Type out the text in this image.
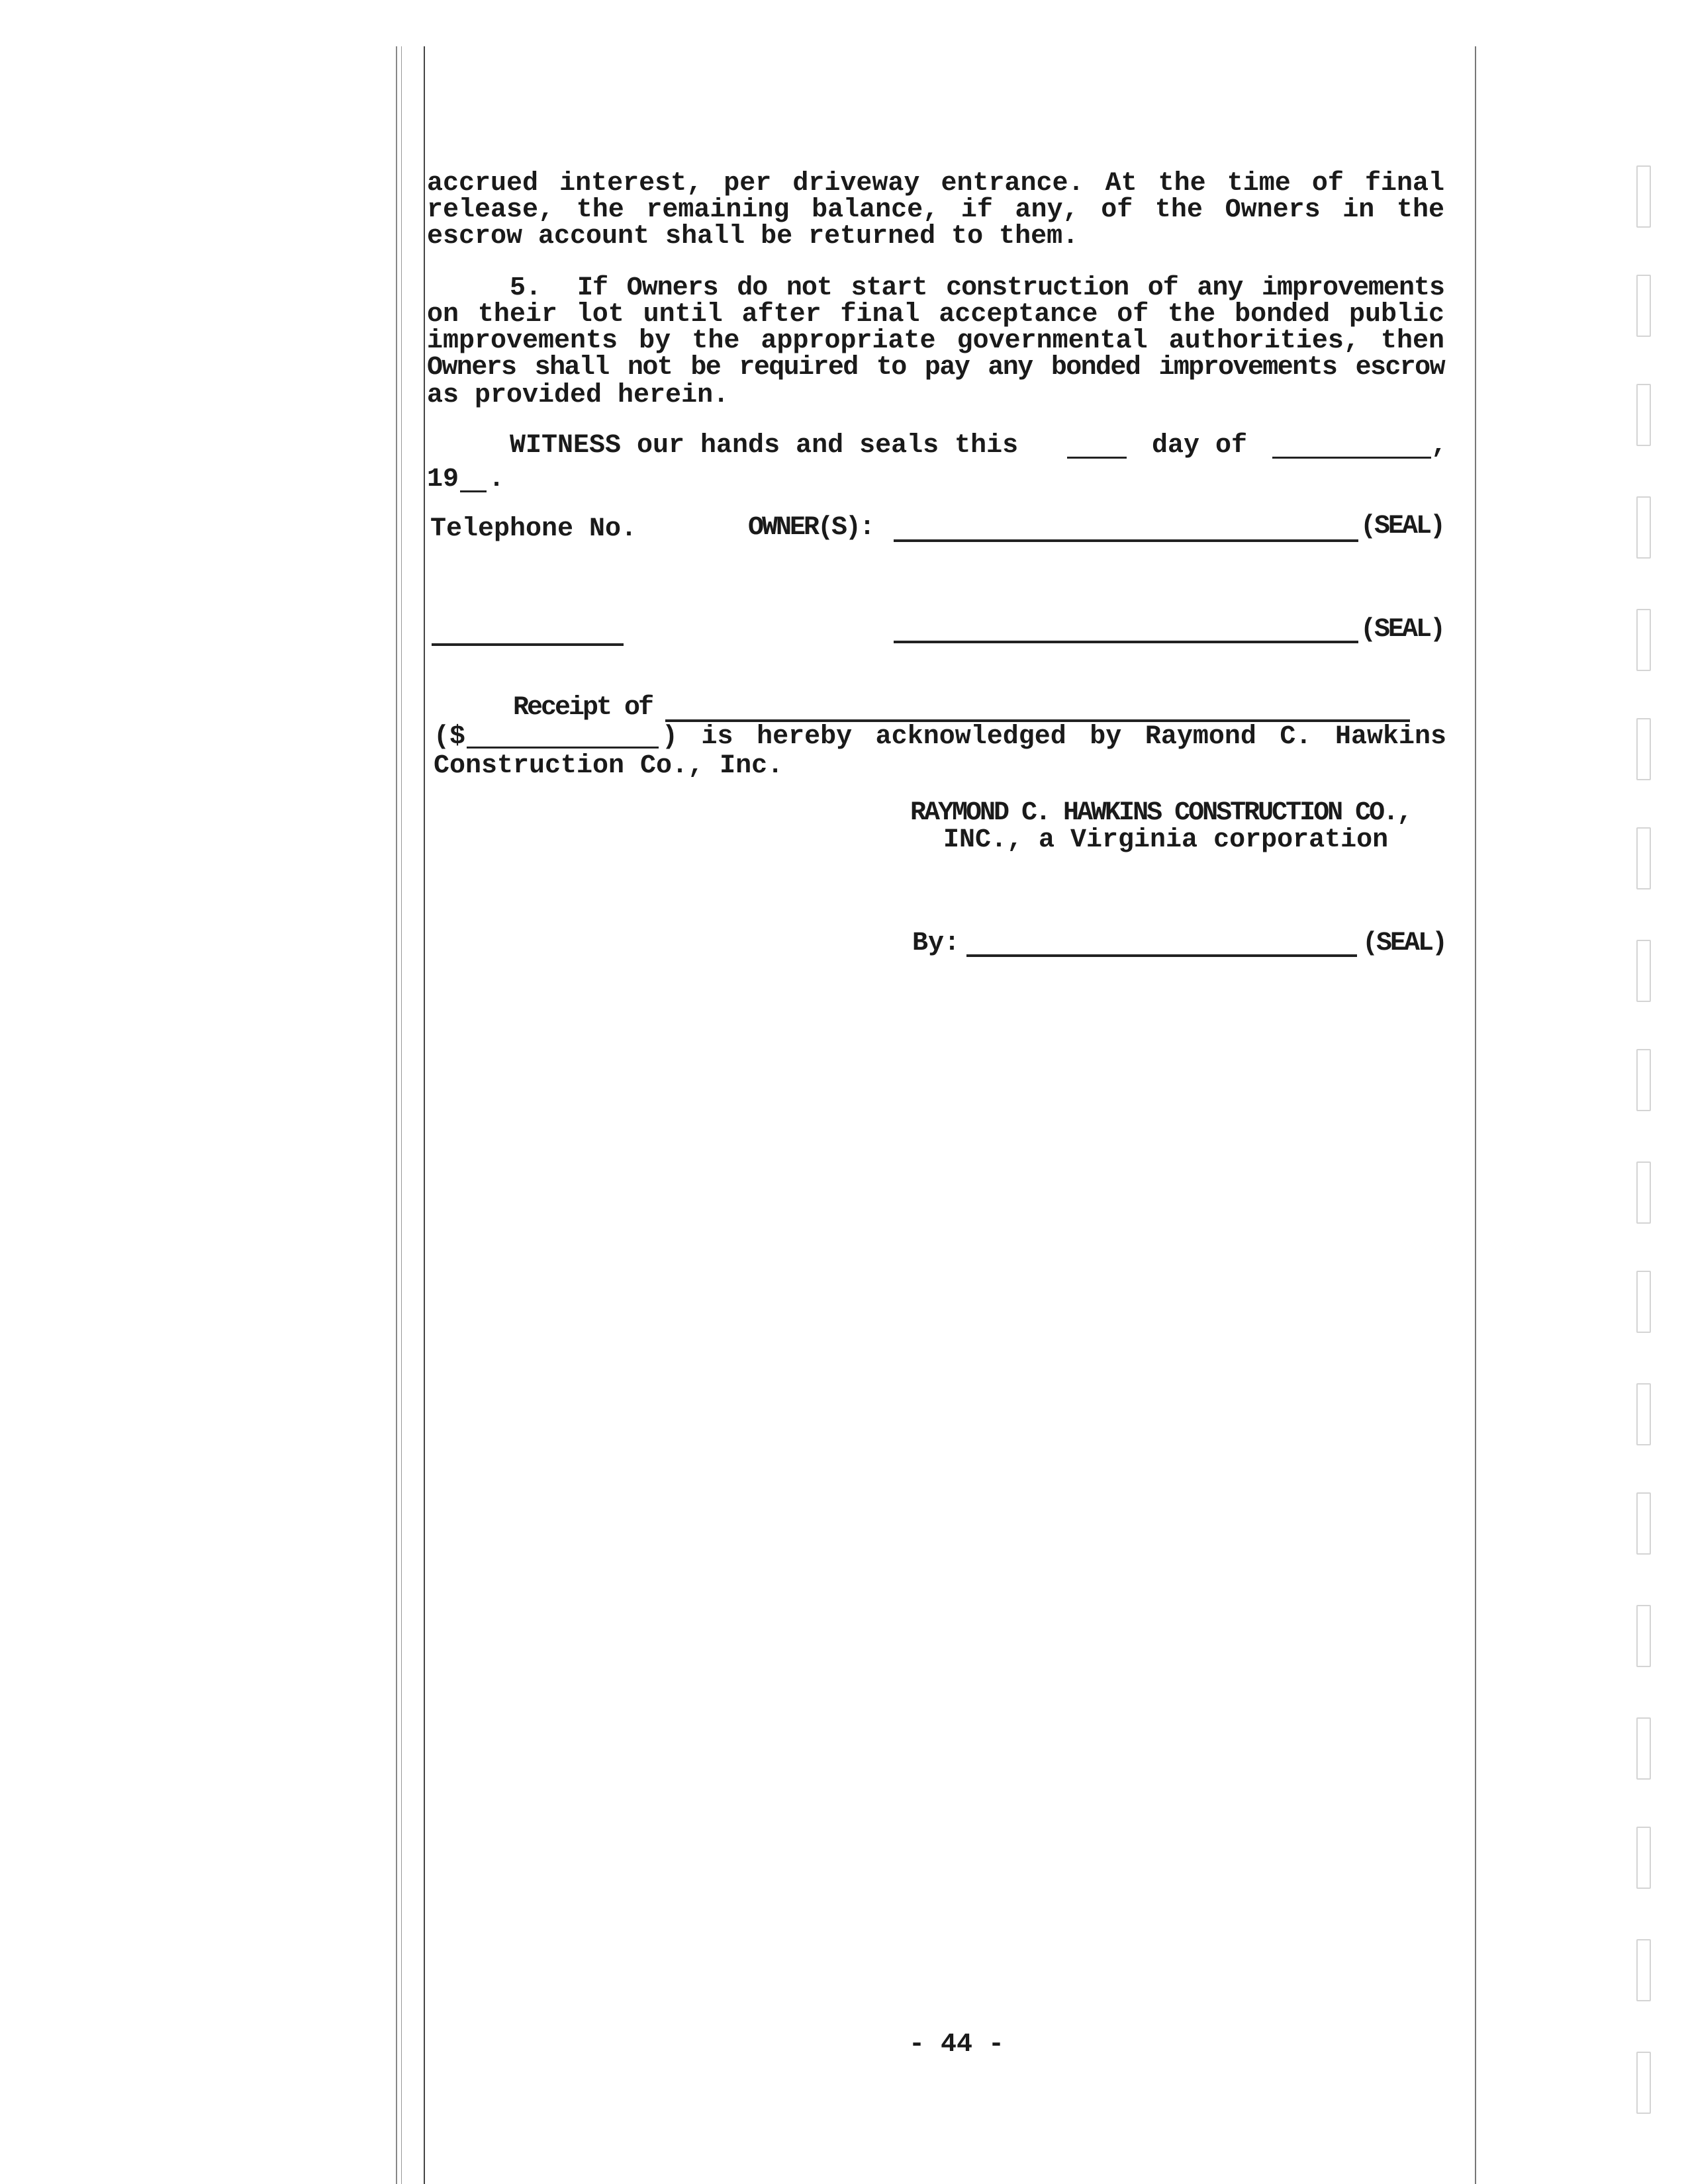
accrued interest, per driveway entrance. At the time of final
release, the remaining balance, if any, of the Owners in the
escrow account shall be returned to them.
5. If Owners do not start construction of any improvements
on their lot until after final acceptance of the bonded public
improvements by the appropriate governmental authorities, then
Owners shall not be required to pay any bonded improvements escrow
as provided herein.
WITNESS our hands and seals this	day of	,
19 .
Telephone No.	OWNER(S):	(SEAL)
(SEAL)
Receipt of
($	) is hereby acknowledged by Raymond C. Hawkins
Construction Co., Inc.
RAYMOND C. HAWKINS CONSTRUCTION CO.,
INC., a Virginia corporation
By:	(SEAL)
- 44 -
